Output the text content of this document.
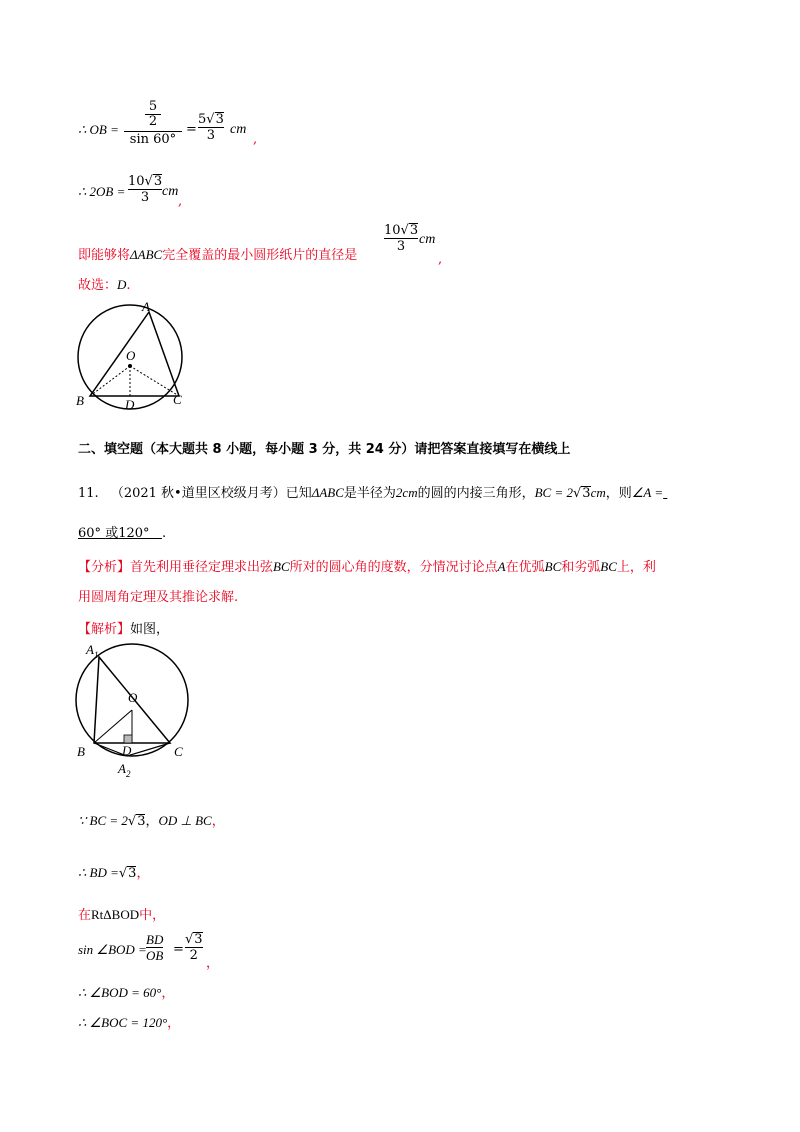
∴ OB =
5
2
sin 60°
=
5√3
3	cm
,
∴ 2OB =
10√3
3 cm
,
即能够将ΔABC完全覆盖的最小圆形纸片的直径是
10√3
3 cm
,
故选：D.
A
O
B	D	C
二、填空题（本大题共 8 小题，每小题 3 分，共 24 分）请把答案直接填写在横线上
11. （2021 秋•道里区校级月考）已知ΔABC是半径为2cm的圆的内接三角形，BC = 2√3cm，则∠A =
60° 或120° .
【分析】首先利用垂径定理求出弦BC所对的圆心角的度数，分情况讨论点A在优弧BC和劣弧BC上，利
用圆周角定理及其推论求解.
【解析】如图，
$A_1$
O
B	D	C
$A_2$
∵ BC = 2√3，OD ⊥ BC，
∴ BD =√3，
在RtΔBOD中，
sin ∠BOD = $\frac{BD}{OB}$ =
√3
2
，
∴ ∠BOD = 60°，
∴ ∠BOC = 120°，
